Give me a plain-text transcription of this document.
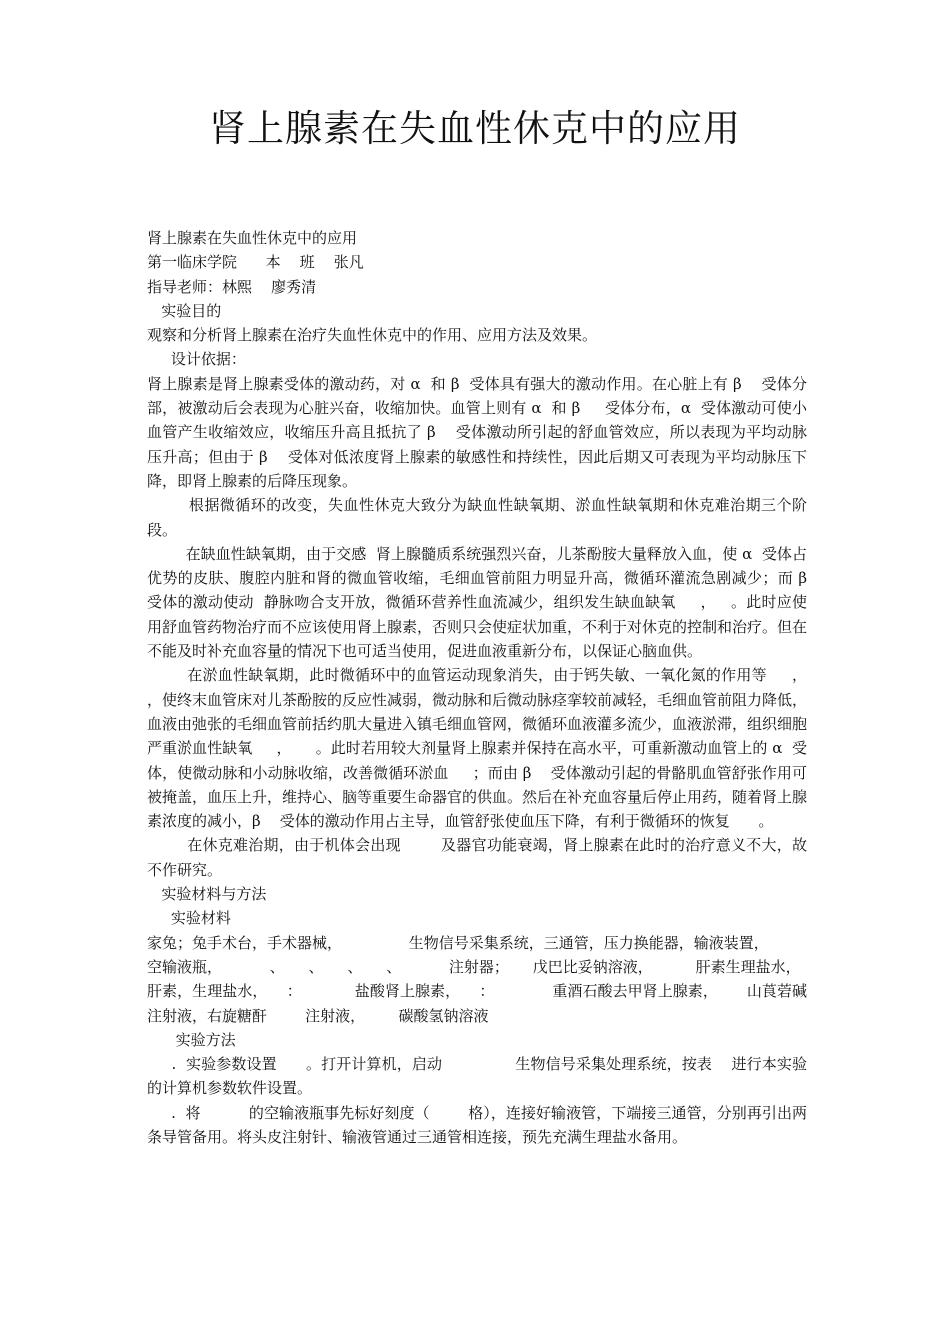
肾上腺素在失血性休克中的应用
肾上腺素在失血性休克中的应用
第一临床学院      本    班    张凡
指导老师：林熙    廖秀清
实验目的

观察和分析肾上腺素在治疗失血性休克中的作用、应用方法及效果。

设计依据：

肾上腺素是肾上腺素受体的激动药，对 α  和 β  受体具有强大的激动作用。在心脏上有 β    受体分部，被激动后会表现为心脏兴奋，收缩加快。血管上则有 α  和 β     受体分布，α  受体激动可使小血管产生收缩效应，收缩压升高且抵抗了 β    受体激动所引起的舒血管效应，所以表现为平均动脉压升高；但由于 β    受体对低浓度肾上腺素的敏感性和持续性，因此后期又可表现为平均动脉压下降，即肾上腺素的后降压现象。

根据微循环的改变，失血性休克大致分为缺血性缺氧期、淤血性缺氧期和休克难治期三个阶段。

在缺血性缺氧期，由于交感  肾上腺髓质系统强烈兴奋，儿茶酚胺大量释放入血，使 α  受体占优势的皮肤、腹腔内脏和肾的微血管收缩，毛细血管前阻力明显升高，微循环灌流急剧减少；而 β    受体的激动使动  静脉吻合支开放，微循环营养性血流减少，组织发生缺血缺氧     ，   。此时应使用舒血管药物治疗而不应该使用肾上腺素，否则只会使症状加重，不利于对休克的控制和治疗。但在不能及时补充血容量的情况下也可适当使用，促进血液重新分布，以保证心脑血供。

在淤血性缺氧期，此时微循环中的血管运动现象消失，由于钙失敏、一氧化氮的作用等     ，   ，使终末血管床对儿茶酚胺的反应性减弱，微动脉和后微动脉痉挛较前减轻，毛细血管前阻力降低，血液由弛张的毛细血管前括约肌大量进入镇毛细血管网，微循环血液灌多流少，血液淤滞，组织细胞严重淤血性缺氧     ，     。此时若用较大剂量肾上腺素并保持在高水平，可重新激动血管上的 α  受体，使微动脉和小动脉收缩，改善微循环淤血     ；而由 β    受体激动引起的骨骼肌血管舒张作用可被掩盖，血压上升，维持心、脑等重要生命器官的供血。然后在补充血容量后停止用药，随着肾上腺素浓度的减小，β    受体的激动作用占主导，血管舒张使血压下降，有利于微循环的恢复      。

在休克难治期，由于机体会出现        及器官功能衰竭，肾上腺素在此时的治疗意义不大，故不作研究。

实验材料与方法

实验材料

家兔；兔手术台，手术器械，              生物信号采集系统，三通管，压力换能器，输液装置，

空输液瓶，          、     、     、     、          注射器；     戊巴比妥钠溶液，         肝素生理盐水，

肝素，生理盐水，    ：           盐酸肾上腺素，    ：            重酒石酸去甲肾上腺素，      山莨菪碱注射液，右旋糖酐        注射液，       碳酸氢钠溶液

实验方法

.  实验参数设置      。打开计算机，启动               生物信号采集处理系统，按表    进行本实验的计算机参数软件设置。

.  将          的空输液瓶事先标好刻度（        格），连接好输液管，下端接三通管，分别再引出两条导管备用。将头皮注射针、输液管通过三通管相连接，预先充满生理盐水备用。
